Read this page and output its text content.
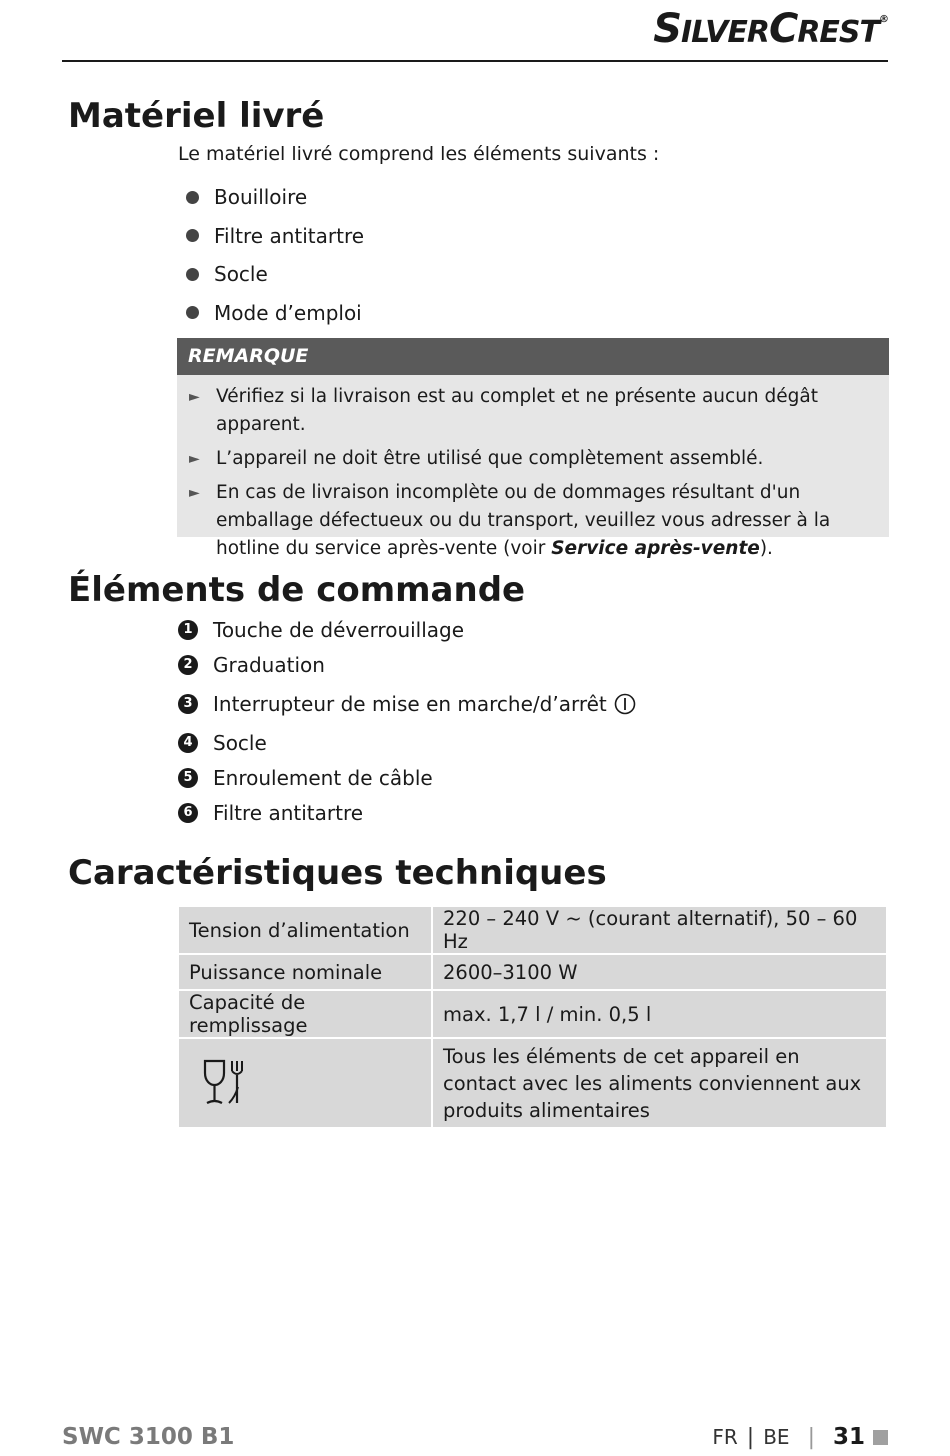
SILVERCREST®
Matériel livré
Le matériel livré comprend les éléments suivants :
Bouilloire
Filtre antitartre
Socle
Mode d’emploi
REMARQUE
► Vérifiez si la livraison est au complet et ne présente aucun dégât apparent.
► L’appareil ne doit être utilisé que complètement assemblé.
► En cas de livraison incomplète ou de dommages résultant d'un emballage défectueux ou du transport, veuillez vous adresser à la hotline du service après-vente (voir Service après-vente).
Éléments de commande
1 Touche de déverrouillage
2 Graduation
3 Interrupteur de mise en marche/d’arrêt
4 Socle
5 Enroulement de câble
6 Filtre antitartre
Caractéristiques techniques
Tension d’alimentation	220 – 240 V ~ (courant alternatif), 50 – 60 Hz
Puissance nominale	2600–3100 W
Capacité de remplissage	max. 1,7 l / min. 0,5 l

	Tous les éléments de cet appareil en contact avec les aliments conviennent aux produits alimentaires
SWC 3100 B1	FR | BE | 31
